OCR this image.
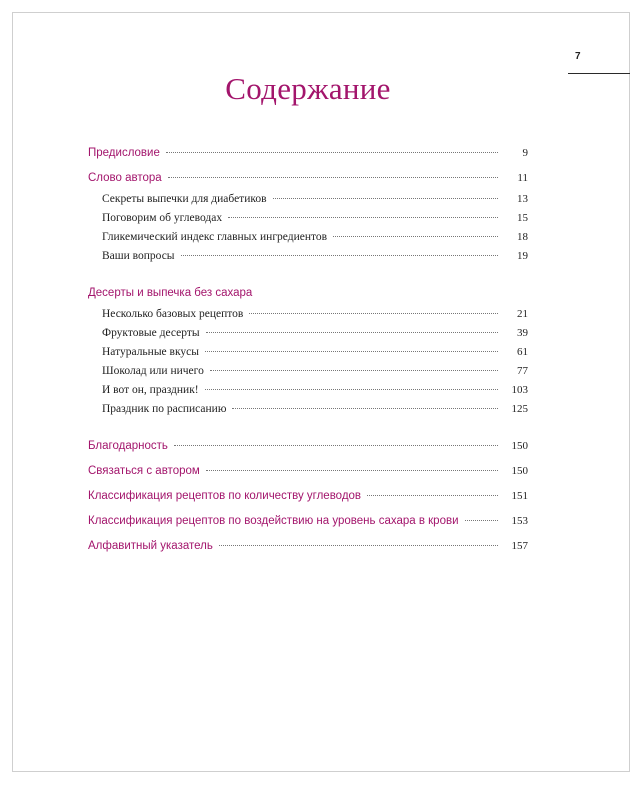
7
Содержание
Предисловие	9
Слово автора	11
Секреты выпечки для диабетиков	13
Поговорим об углеводах	15
Гликемический индекс главных ингредиентов	18
Ваши вопросы	19
Десерты и выпечка без сахара
Несколько базовых рецептов	21
Фруктовые десерты	39
Натуральные вкусы	61
Шоколад или ничего	77
И вот он, праздник!	103
Праздник по расписанию	125
Благодарность	150
Связаться с автором	150
Классификация рецептов по количеству углеводов	151
Классификация рецептов по воздействию на уровень сахара в крови	153
Алфавитный указатель	157
